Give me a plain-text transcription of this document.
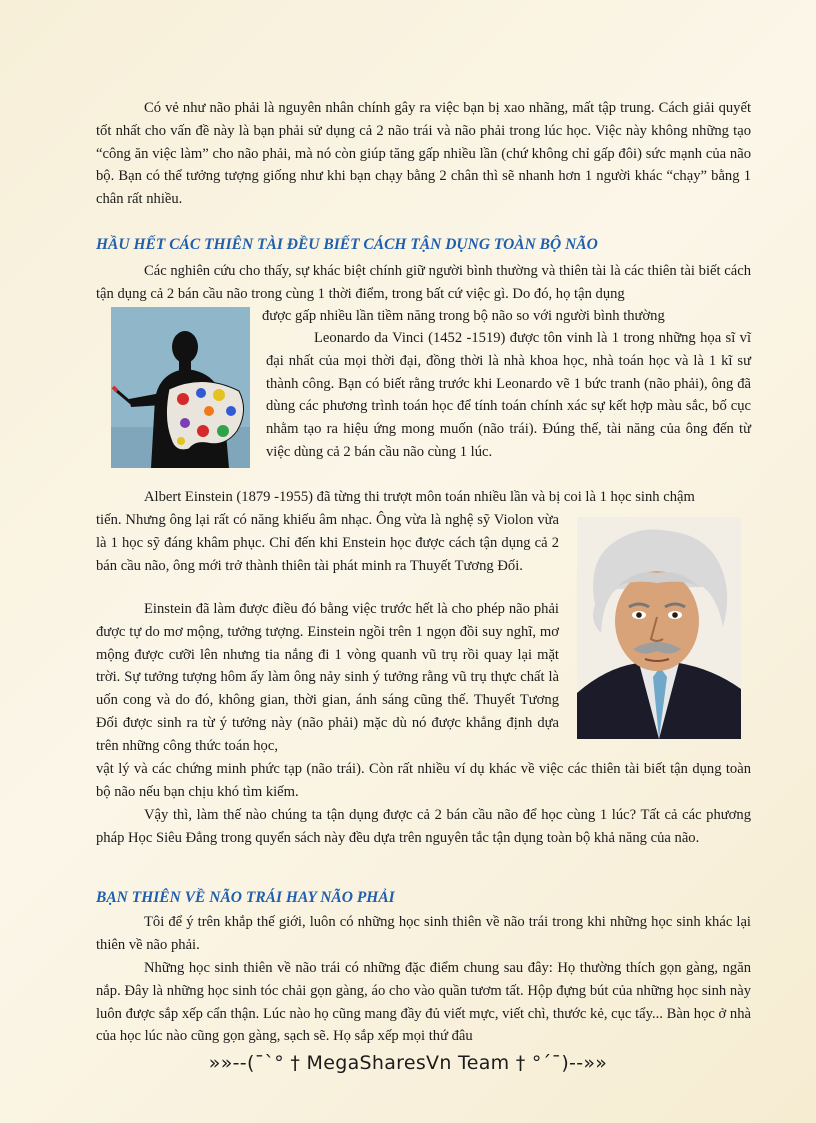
Có vẻ như não phải là nguyên nhân chính gây ra việc bạn bị xao nhãng, mất tập trung. Cách giải quyết tốt nhất cho vấn đề này là bạn phải sử dụng cả 2 não trái và não phải trong lúc học. Việc này không những tạo “công ăn việc làm” cho não phải, mà nó còn giúp tăng gấp nhiều lần (chứ không chỉ gấp đôi) sức mạnh của não bộ. Bạn có thể tưởng tượng giống như khi bạn chạy bằng 2 chân thì sẽ nhanh hơn 1 người khác “chạy” bằng 1 chân rất nhiều.

HẦU HẾT CÁC THIÊN TÀI ĐỀU BIẾT CÁCH TẬN DỤNG TOÀN BỘ NÃO

Các nghiên cứu cho thấy, sự khác biệt chính giữ người bình thường và thiên tài là các thiên tài biết cách tận dụng cả 2 bán cầu não trong cùng 1 thời điểm, trong bất cứ việc gì. Do đó, họ tận dụng

được gấp nhiều lần tiềm năng trong bộ não so với người bình thường

Leonardo da Vinci (1452 -1519) được tôn vinh là 1 trong những họa sĩ vĩ đại nhất của mọi thời đại, đồng thời là nhà khoa học, nhà toán học và là 1 kĩ sư thành công. Bạn có biết rằng trước khi Leonardo vẽ 1 bức tranh (não phải), ông đã dùng các phương trình toán học để tính toán chính xác sự kết hợp màu sắc, bố cục nhằm tạo ra hiệu ứng mong muốn (não trái). Đúng thế, tài năng của ông đến từ việc dùng cả 2 bán cầu não cùng 1 lúc.

Albert Einstein (1879 -1955) đã từng thi trượt môn toán nhiều lần và bị coi là 1 học sinh chậm

tiến. Nhưng ông lại rất có năng khiếu âm nhạc. Ông vừa là nghệ sỹ Violon vừa là 1 học sỹ đáng khâm phục. Chỉ đến khi Enstein học được cách tận dụng cả 2 bán cầu não, ông mới trở thành thiên tài phát minh ra Thuyết Tương Đối.

Einstein đã làm được điều đó bằng việc trước hết là cho phép não phải được tự do mơ mộng, tưởng tượng. Einstein ngồi trên 1 ngọn đồi suy nghĩ, mơ mộng được cưỡi lên nhưng tia nắng đi 1 vòng quanh vũ trụ rồi quay lại mặt trời. Sự tưởng tượng hôm ấy làm ông nảy sinh ý tưởng rằng vũ trụ thực chất là uốn cong và do đó, không gian, thời gian, ánh sáng cũng thế. Thuyết Tương Đối được sinh ra từ ý tưởng này (não phải) mặc dù nó được khẳng định dựa trên những công thức toán học,

vật lý và các chứng minh phức tạp (não trái). Còn rất nhiều ví dụ khác về việc các thiên tài biết tận dụng toàn bộ não nếu bạn chịu khó tìm kiếm.

Vậy thì, làm thế nào chúng ta tận dụng được cả 2 bán cầu não để học cùng 1 lúc? Tất cả các phương pháp Học Siêu Đẳng trong quyển sách này đều dựa trên nguyên tắc tận dụng toàn bộ khả năng của não.

BẠN THIÊN VỀ NÃO TRÁI HAY NÃO PHẢI

Tôi để ý trên khắp thế giới, luôn có những học sinh thiên về não trái trong khi những học sinh khác lại thiên về não phải.

Những học sinh thiên về não trái có những đặc điểm chung sau đây: Họ thường thích gọn gàng, ngăn nắp. Đây là những học sinh tóc chải gọn gàng, áo cho vào quần tươm tất. Hộp đựng bút của những học sinh này luôn được sắp xếp cẩn thận. Lúc nào họ cũng mang đầy đủ viết mực, viết chì, thước kẻ, cục tẩy... Bàn học ở nhà của học lúc nào cũng gọn gàng, sạch sẽ. Họ sắp xếp mọi thứ đâu

»»--(¯`° † MegaSharesVn Team † °´¯)--»»
